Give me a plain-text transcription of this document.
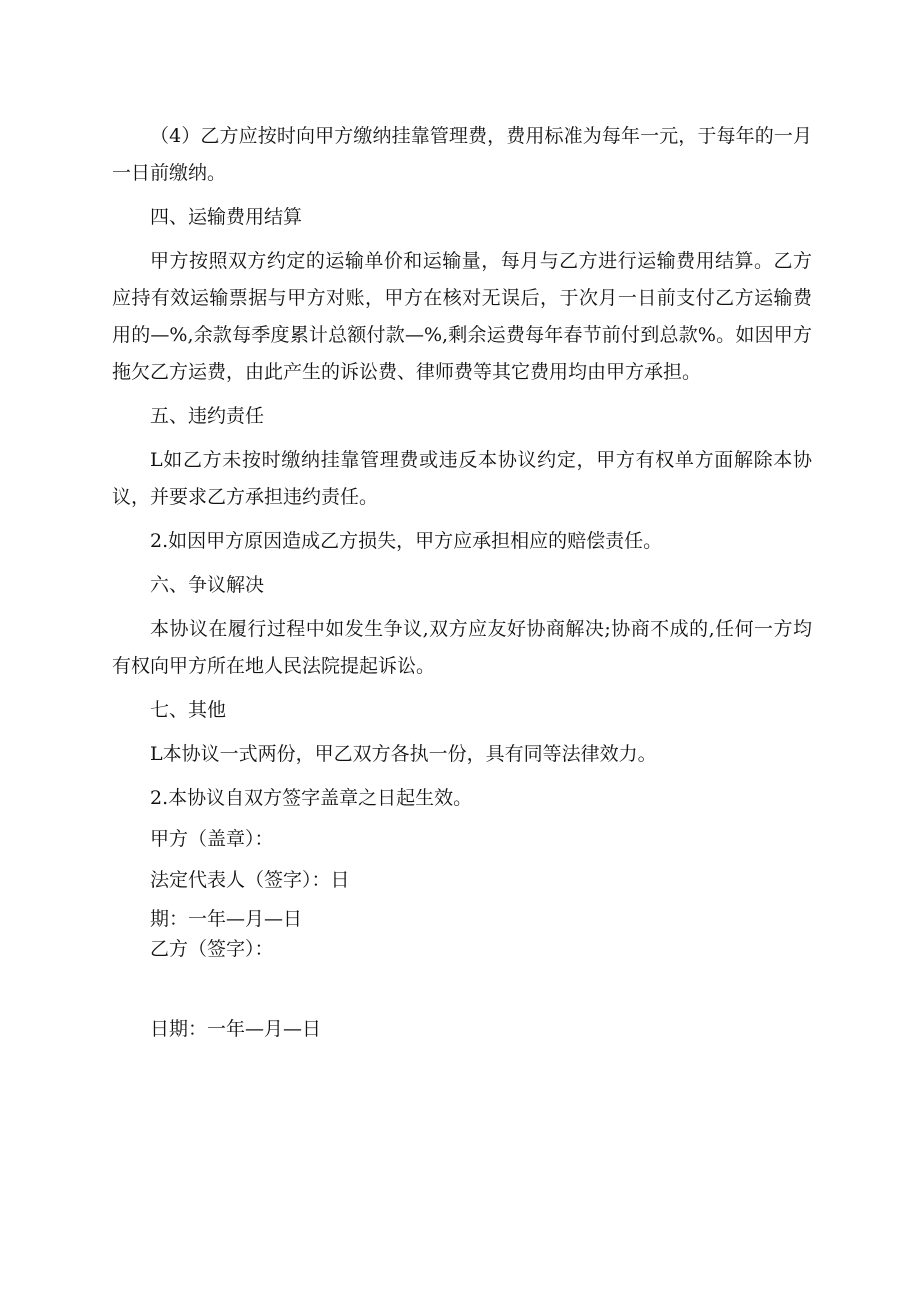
（4）乙方应按时向甲方缴纳挂靠管理费，费用标准为每年一元，于每年的一月一日前缴纳。

四、运输费用结算

甲方按照双方约定的运输单价和运输量，每月与乙方进行运输费用结算。乙方应持有效运输票据与甲方对账，甲方在核对无误后，于次月一日前支付乙方运输费用的—%,余款每季度累计总额付款—%,剩余运费每年春节前付到总款%。如因甲方拖欠乙方运费，由此产生的诉讼费、律师费等其它费用均由甲方承担。

五、违约责任

L如乙方未按时缴纳挂靠管理费或违反本协议约定，甲方有权单方面解除本协议，并要求乙方承担违约责任。

2.如因甲方原因造成乙方损失，甲方应承担相应的赔偿责任。

六、争议解决

本协议在履行过程中如发生争议,双方应友好协商解决;协商不成的,任何一方均有权向甲方所在地人民法院提起诉讼。

七、其他

L本协议一式两份，甲乙双方各执一份，具有同等法律效力。

2.本协议自双方签字盖章之日起生效。

甲方（盖章）：
法定代表人（签字）：日
期：一年—月—日
乙方（签字）：
日期：一年—月—日
